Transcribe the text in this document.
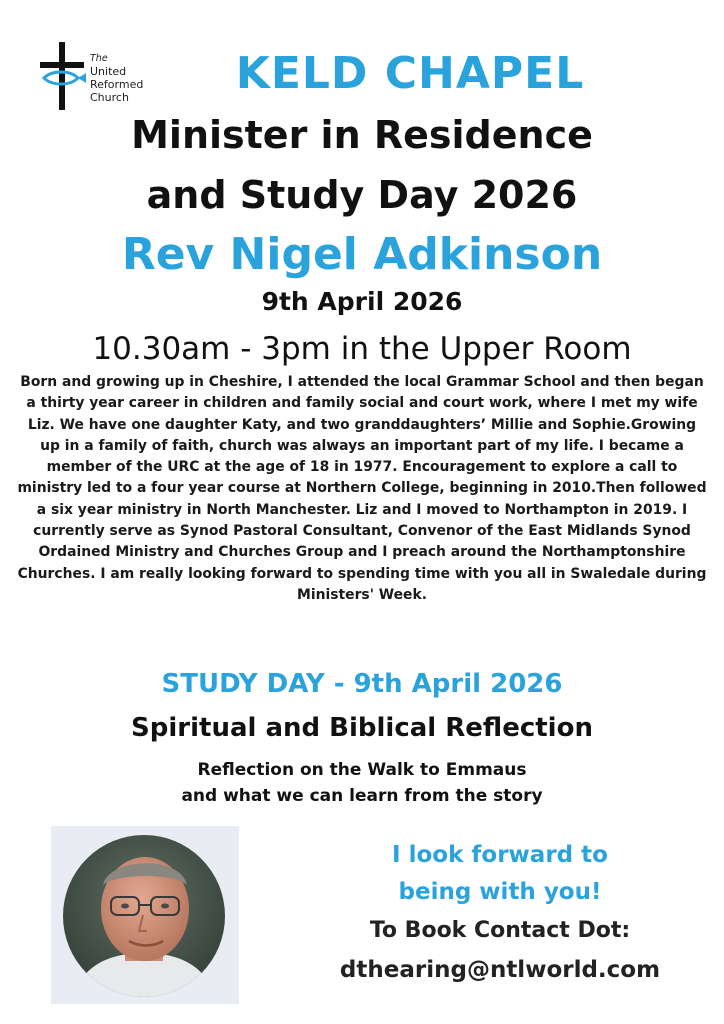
The
United
Reformed
Church	KELD CHAPEL
Minister in Residence
and Study Day 2026
Rev Nigel Adkinson
9th April 2026
10.30am - 3pm in the Upper Room
Born and growing up in Cheshire, I attended the local Grammar School and then began a thirty year career in children and family social and court work, where I met my wife Liz. We have one daughter Katy, and two granddaughters’ Millie and Sophie.Growing up in a family of faith, church was always an important part of my life. I became a member of the URC at the age of 18 in 1977. Encouragement to explore a call to ministry led to a four year course at Northern College, beginning in 2010.Then followed a six year ministry in North Manchester. Liz and I moved to Northampton in 2019. I currently serve as Synod Pastoral Consultant, Convenor of the East Midlands Synod Ordained Ministry and Churches Group and I preach around the Northamptonshire Churches. I am really looking forward to spending time with you all in Swaledale during Ministers' Week.
STUDY DAY - 9th April 2026
Spiritual and Biblical Reflection
Reflection on the Walk to Emmaus
and what we can learn from the story
I look forward to
being with you!
To Book Contact Dot:
dthearing@ntlworld.com
